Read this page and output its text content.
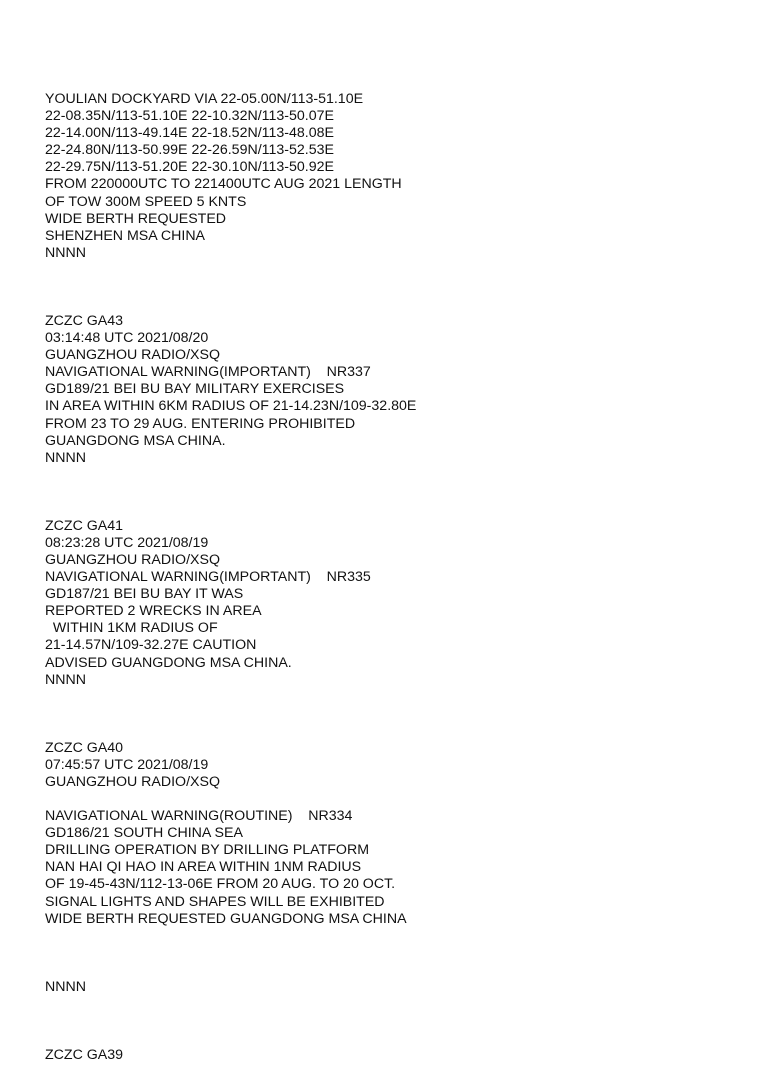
YOULIAN DOCKYARD VIA 22-05.00N/113-51.10E
22-08.35N/113-51.10E 22-10.32N/113-50.07E
22-14.00N/113-49.14E 22-18.52N/113-48.08E
22-24.80N/113-50.99E 22-26.59N/113-52.53E
22-29.75N/113-51.20E 22-30.10N/113-50.92E
FROM 220000UTC TO 221400UTC AUG 2021 LENGTH
OF TOW 300M SPEED 5 KNTS
WIDE BERTH REQUESTED
SHENZHEN MSA CHINA
NNNN
ZCZC GA43
03:14:48 UTC 2021/08/20
GUANGZHOU RADIO/XSQ
NAVIGATIONAL WARNING(IMPORTANT)    NR337
GD189/21 BEI BU BAY MILITARY EXERCISES
IN AREA WITHIN 6KM RADIUS OF 21-14.23N/109-32.80E
FROM 23 TO 29 AUG. ENTERING PROHIBITED
GUANGDONG MSA CHINA.
NNNN
ZCZC GA41
08:23:28 UTC 2021/08/19
GUANGZHOU RADIO/XSQ
NAVIGATIONAL WARNING(IMPORTANT)    NR335
GD187/21 BEI BU BAY IT WAS
REPORTED 2 WRECKS IN AREA
WITHIN 1KM RADIUS OF
21-14.57N/109-32.27E CAUTION
ADVISED GUANGDONG MSA CHINA.
NNNN
ZCZC GA40
07:45:57 UTC 2021/08/19
GUANGZHOU RADIO/XSQ
NAVIGATIONAL WARNING(ROUTINE)    NR334
GD186/21 SOUTH CHINA SEA
DRILLING OPERATION BY DRILLING PLATFORM
NAN HAI QI HAO IN AREA WITHIN 1NM RADIUS
OF 19-45-43N/112-13-06E FROM 20 AUG. TO 20 OCT.
SIGNAL LIGHTS AND SHAPES WILL BE EXHIBITED
WIDE BERTH REQUESTED GUANGDONG MSA CHINA
NNNN
ZCZC GA39
